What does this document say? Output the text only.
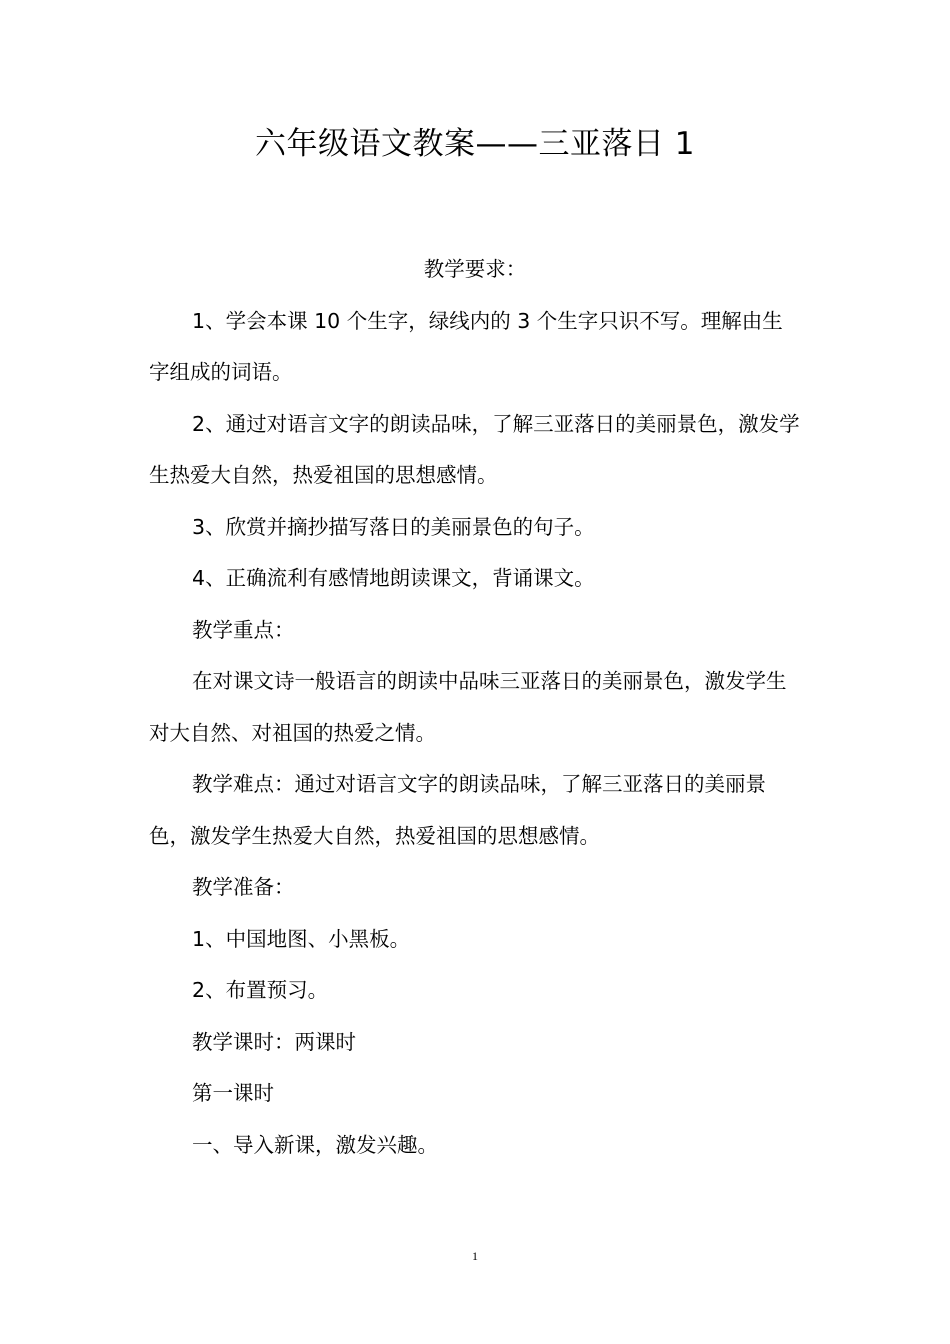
六年级语文教案——三亚落日 1

教学要求：

1、学会本课 10 个生字，绿线内的 3 个生字只识不写。理解由生字组成的词语。

2、通过对语言文字的朗读品味，了解三亚落日的美丽景色，激发学生热爱大自然，热爱祖国的思想感情。

3、欣赏并摘抄描写落日的美丽景色的句子。

4、正确流利有感情地朗读课文，背诵课文。

教学重点：

在对课文诗一般语言的朗读中品味三亚落日的美丽景色，激发学生对大自然、对祖国的热爱之情。

教学难点：通过对语言文字的朗读品味，了解三亚落日的美丽景色，激发学生热爱大自然，热爱祖国的思想感情。

教学准备：

1、中国地图、小黑板。

2、布置预习。

教学课时：两课时

第一课时

一、导入新课，激发兴趣。

1
